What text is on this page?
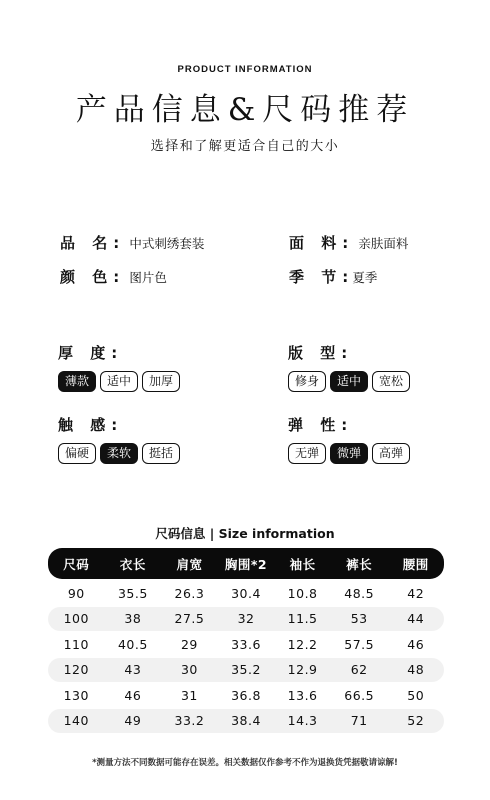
PRODUCT INFORMATION
产品信息&尺码推荐
选择和了解更适合自己的大小
品 名: 中式刺绣套装	面 料: 亲肤面料
颜 色: 图片色	季 节: 夏季
厚 度:
薄款	适中	加厚
版 型:
修身	适中	宽松
触 感:
偏硬	柔软	挺括
弹 性:
无弹	微弹	高弹
尺码信息 | Size information
尺码	衣长	肩宽	胸围*2	袖长	裤长	腰围
90	35.5	26.3	30.4	10.8	48.5	42
100	38	27.5	32	11.5	53	44
110	40.5	29	33.6	12.2	57.5	46
120	43	30	35.2	12.9	62	48
130	46	31	36.8	13.6	66.5	50
140	49	33.2	38.4	14.3	71	52
*测量方法不同数据可能存在误差。相关数据仅作参考不作为退换货凭据敬请谅解!
